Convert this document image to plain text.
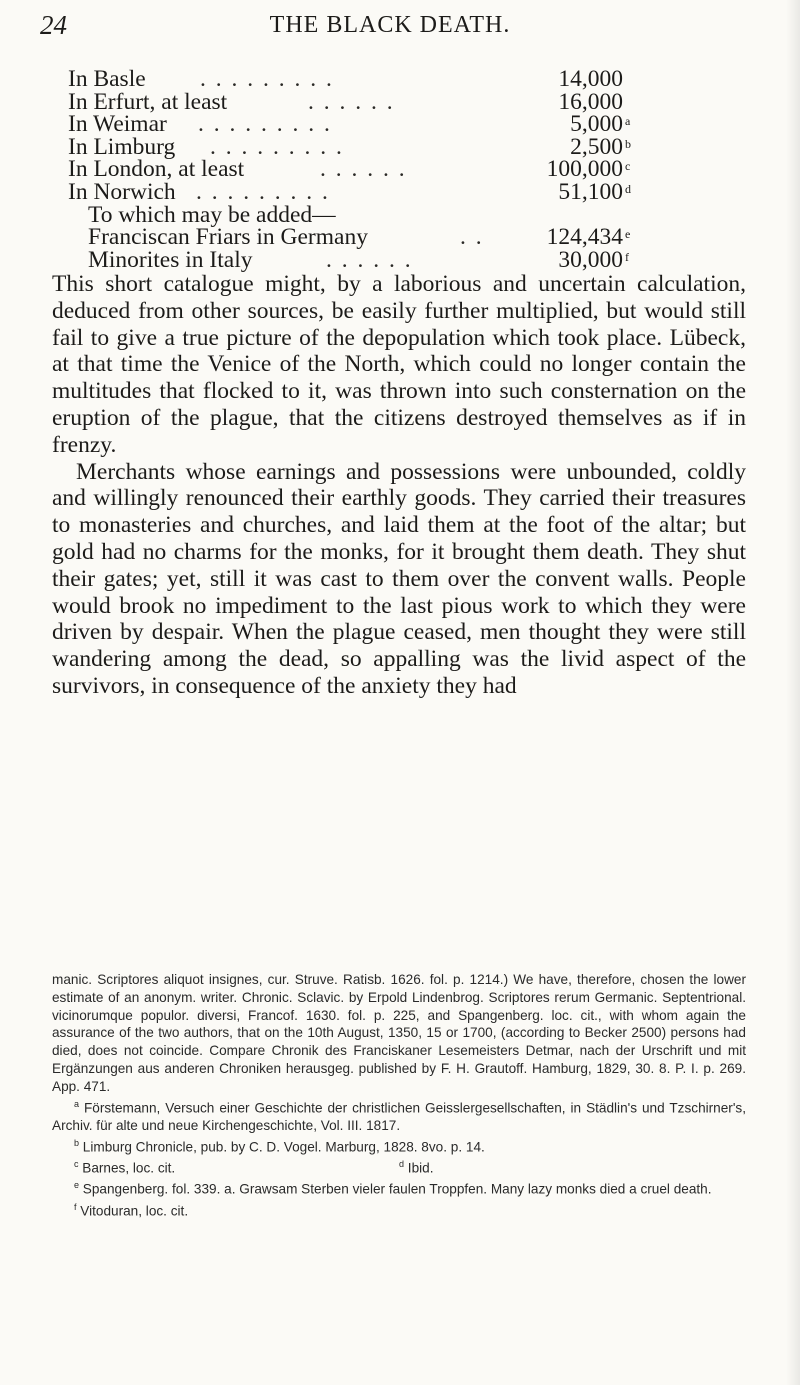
24	THE BLACK DEATH.
In Basle . . . . . . . . .	14,000
In Erfurt, at least	. . . . . .	16,000
In Weimar . . . . . . . . .	5,000 a
In Limburg . . . . . . . . .	2,500 b
In London, at least	. . . . . .	100,000 c
In Norwich . . . . . . . . .	51,100 d
To which may be added—
Franciscan Friars in Germany	. .	124,434 e
Minorites in Italy	. . . . . .	30,000 f

This short catalogue might, by a laborious and uncertain calculation, deduced from other sources, be easily further multiplied, but would still fail to give a true picture of the depopulation which took place. Lübeck, at that time the Venice of the North, which could no longer contain the multitudes that flocked to it, was thrown into such consternation on the eruption of the plague, that the citizens destroyed themselves as if in frenzy.

Merchants whose earnings and possessions were unbounded, coldly and willingly renounced their earthly goods. They carried their treasures to monasteries and churches, and laid them at the foot of the altar; but gold had no charms for the monks, for it brought them death. They shut their gates; yet, still it was cast to them over the convent walls. People would brook no impediment to the last pious work to which they were driven by despair. When the plague ceased, men thought they were still wandering among the dead, so appalling was the livid aspect of the survivors, in consequence of the anxiety they had

manic. Scriptores aliquot insignes, cur. Struve. Ratisb. 1626. fol. p. 1214.) We have, therefore, chosen the lower estimate of an anonym. writer. Chronic. Sclavic. by Erpold Lindenbrog. Scriptores rerum Germanic. Septentrional. vicinorumque populor. diversi, Francof. 1630. fol. p. 225, and Spangenberg. loc. cit., with whom again the assurance of the two authors, that on the 10th August, 1350, 15 or 1700, (according to Becker 2500) persons had died, does not coincide. Compare Chronik des Franciskaner Lesemeisters Detmar, nach der Urschrift und mit Ergänzungen aus anderen Chroniken herausgeg. published by F. H. Grautoff. Hamburg, 1829, 30. 8. P. I. p. 269. App. 471.

$^a$ Förstemann, Versuch einer Geschichte der christlichen Geisslergesellschaften, in Städlin's und Tzschirner's, Archiv. für alte und neue Kirchengeschichte, Vol. III. 1817.

$^b$ Limburg Chronicle, pub. by C. D. Vogel. Marburg, 1828. 8vo. p. 14.

$^c$ Barnes, loc. cit.	$^d$ Ibid.

$^e$ Spangenberg. fol. 339. a. Grawsam Sterben vieler faulen Troppfen. Many lazy monks died a cruel death.

$^f$ Vitoduran, loc. cit.
